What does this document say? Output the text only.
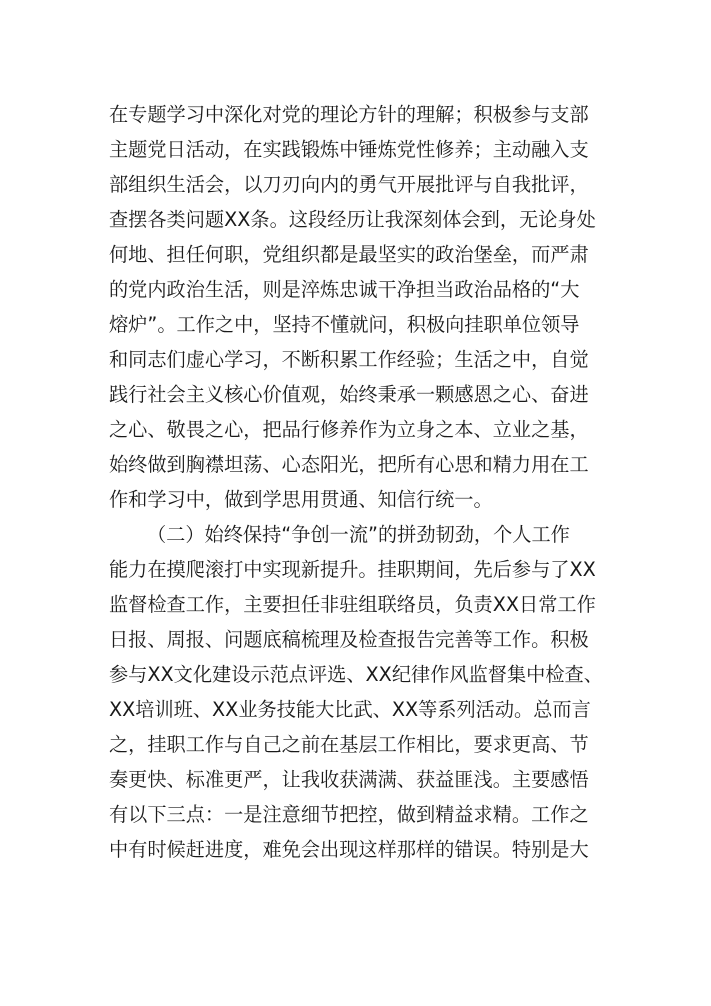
在专题学习中深化对党的理论方针的理解；积极参与支部
主题党日活动，在实践锻炼中锤炼党性修养；主动融入支
部组织生活会，以刀刃向内的勇气开展批评与自我批评，
查摆各类问题XX条。这段经历让我深刻体会到，无论身处
何地、担任何职，党组织都是最坚实的政治堡垒，而严肃
的党内政治生活，则是淬炼忠诚干净担当政治品格的“大
熔炉”。工作之中，坚持不懂就问，积极向挂职单位领导
和同志们虚心学习，不断积累工作经验；生活之中，自觉
践行社会主义核心价值观，始终秉承一颗感恩之心、奋进
之心、敬畏之心，把品行修养作为立身之本、立业之基，
始终做到胸襟坦荡、心态阳光，把所有心思和精力用在工
作和学习中，做到学思用贯通、知信行统一。
（二）始终保持“争创一流”的拼劲韧劲，个人工作
能力在摸爬滚打中实现新提升。挂职期间，先后参与了XX
监督检查工作，主要担任非驻组联络员，负责XX日常工作
日报、周报、问题底稿梳理及检查报告完善等工作。积极
参与XX文化建设示范点评选、XX纪律作风监督集中检查、
XX培训班、XX业务技能大比武、XX等系列活动。总而言
之，挂职工作与自己之前在基层工作相比，要求更高、节
奏更快、标准更严，让我收获满满、获益匪浅。主要感悟
有以下三点：一是注意细节把控，做到精益求精。工作之
中有时候赶进度，难免会出现这样那样的错误。特别是大
